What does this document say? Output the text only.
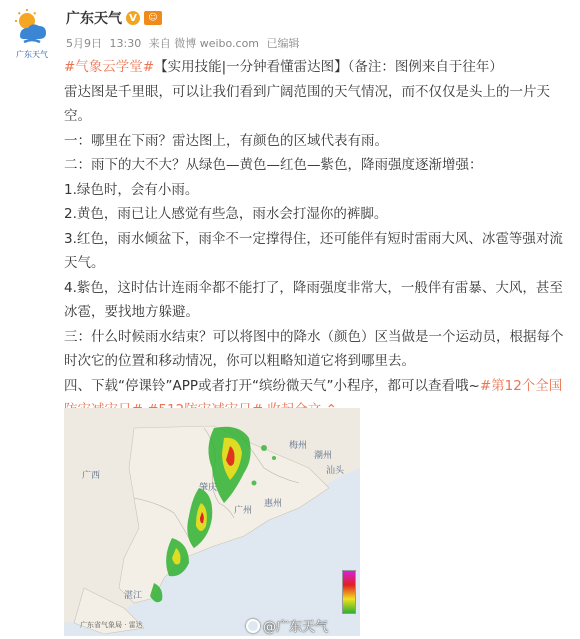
广东天气
广东天气 V	☺
5月9日 13:30 来自 微博 weibo.com 已编辑

#气象云学堂#【实用技能|一分钟看懂雷达图】（备注：图例来自于往年）

雷达图是千里眼，可以让我们看到广阔范围的天气情况，而不仅仅是头上的一片天空。

一：哪里在下雨？雷达图上，有颜色的区域代表有雨。

二：雨下的大不大？从绿色—黄色—红色—紫色，降雨强度逐渐增强：

1.绿色时，会有小雨。

2.黄色，雨已让人感觉有些急，雨水会打湿你的裤脚。

3.红色，雨水倾盆下，雨伞不一定撑得住，还可能伴有短时雷雨大风、冰雹等强对流天气。

4.紫色，这时估计连雨伞都不能打了，降雨强度非常大，一般伴有雷暴、大风，甚至冰雹，要找地方躲避。

三：什么时候雨水结束？可以将图中的降水（颜色）区当做是一个运动员，根据每个时次它的位置和移动情况，你可以粗略知道它将到哪里去。

四、下载“停课铃”APP或者打开“缤纷微天气”小程序，都可以查看哦~#第12个全国

广西
广州
肇庆
惠州
汕头
湛江
梅州
潮州
广东省气象局 · 雷达	@广东天气
